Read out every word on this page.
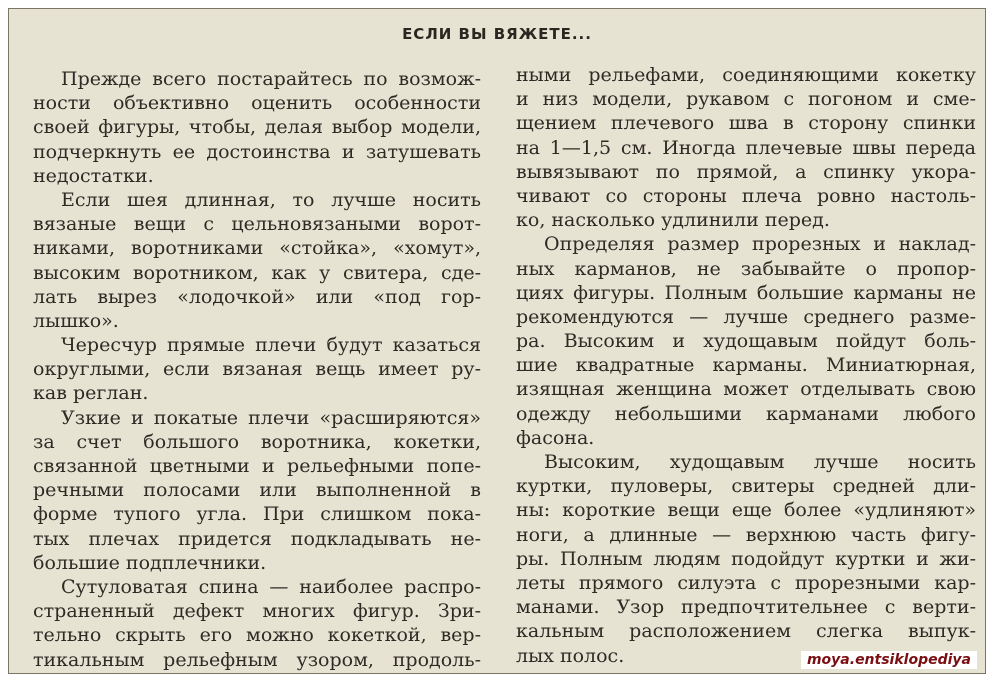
ЕСЛИ ВЫ ВЯЖЕТЕ...
Прежде всего постарайтесь по возмож-
ности объективно оценить особенности
своей фигуры, чтобы, делая выбор модели,
подчеркнуть ее достоинства и затушевать
недостатки.
Если шея длинная, то лучше носить
вязаные вещи с цельновязаными ворот-
никами, воротниками «стойка», «хомут»,
высоким воротником, как у свитера, сде-
лать вырез «лодочкой» или «под гор-
лышко».
Чересчур прямые плечи будут казаться
округлыми, если вязаная вещь имеет ру-
кав реглан.
Узкие и покатые плечи «расширяются»
за счет большого воротника, кокетки,
связанной цветными и рельефными попе-
речными полосами или выполненной в
форме тупого угла. При слишком пока-
тых плечах придется подкладывать не-
большие подплечники.
Сутуловатая спина — наиболее распро-
страненный дефект многих фигур. Зри-
тельно скрыть его можно кокеткой, вер-
тикальным рельефным узором, продоль-
ными рельефами, соединяющими кокетку
и низ модели, рукавом с погоном и сме-
щением плечевого шва в сторону спинки
на 1—1,5 см. Иногда плечевые швы переда
вывязывают по прямой, а спинку укора-
чивают со стороны плеча ровно настоль-
ко, насколько удлинили перед.
Определяя размер прорезных и наклад-
ных карманов, не забывайте о пропор-
циях фигуры. Полным большие карманы не
рекомендуются — лучше среднего разме-
ра. Высоким и худощавым пойдут боль-
шие квадратные карманы. Миниатюрная,
изящная женщина может отделывать свою
одежду небольшими карманами любого
фасона.
Высоким, худощавым лучше носить
куртки, пуловеры, свитеры средней дли-
ны: короткие вещи еще более «удлиняют»
ноги, а длинные — верхнюю часть фигу-
ры. Полным людям подойдут куртки и жи-
леты прямого силуэта с прорезными кар-
манами. Узор предпочтительнее с верти-
кальным расположением слегка выпук-
лых полос.	moya.entsiklopediya
